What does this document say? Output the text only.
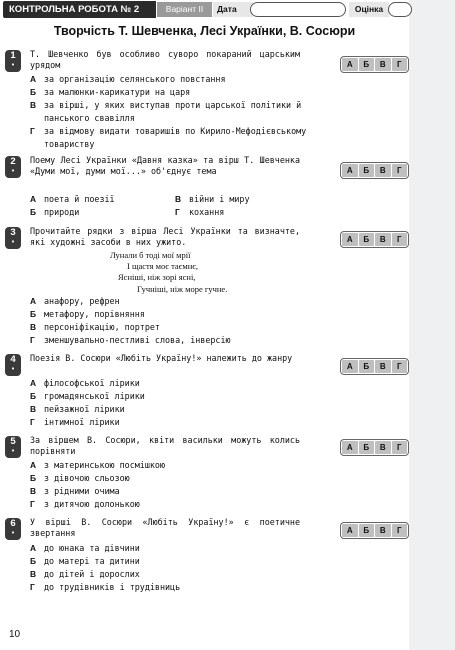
КОНТРОЛЬНА РОБОТА № 2	Варіант II	Дата	Оцінка
Творчість Т. Шевченка, Лесі Українки, В. Сосюри
1
•
Т. Шевченко був особливо суворо покараний царським урядом
А за організацію селянського повстання
Б за малюнки-карикатури на царя
В за вірші, у яких виступав проти царської політики й панського свавілля
Г	за відмову видати товаришів по Кирило-Мефодієвському товариству
А	Б	В	Г
2
•
Поему Лесі Українки «Давня казка» та вірш Т. Шевченка «Думи мої, думи мої...» об'єднує тема
А поета й поезії	В війни і миру
Б природи	Г	кохання
А	Б	В	Г
3
•
Прочитайте рядки з вірша Лесі Українки та визначте, які художні засоби в них ужито.
Лунали б тоді мої мрії
І щастя моє таємнє,
Ясніші, ніж зорі ясні,
Гучніші, ніж море гучне.
А анафору, рефрен
Б метафору, порівняння
В персоніфікацію, портрет
Г	зменшувально-пестливі слова, інверсію
А	Б	В	Г
4
•
Поезія В. Сосюри «Любіть Україну!» належить до жанру
А філософської лірики
Б громадянської лірики
В пейзажної лірики
Г	інтимної лірики
А	Б	В	Г
5
•
За віршем В. Сосюри, квіти васильки можуть колись порівняти
А з материнською посмішкою
Б з дівочою сльозою
В з рідними очима
Г	з дитячою долонькою
А	Б	В	Г
6
•
У вірші В. Сосюри «Любіть Україну!» є поетичне звертання
А до юнака та дівчини
Б до матері та дитини
В до дітей і дорослих
Г	до трудівників і трудівниць
А	Б	В	Г
10
